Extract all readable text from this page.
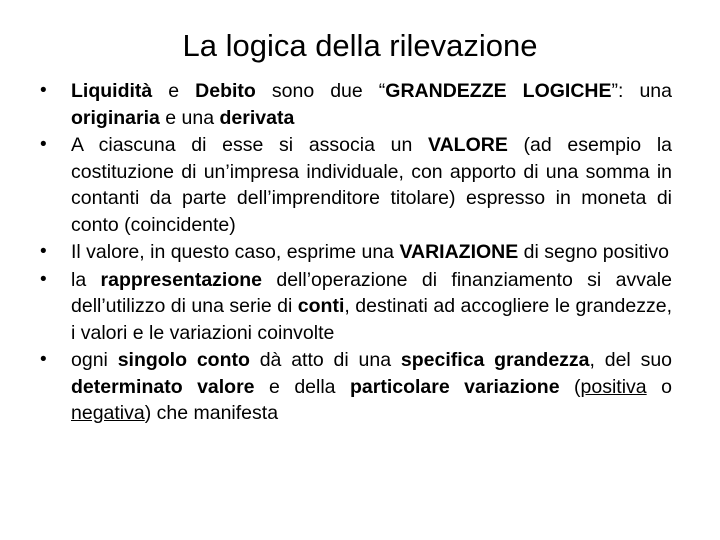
La logica della rilevazione
• Liquidità e Debito sono due “GRANDEZZE LOGICHE”: una originaria e una derivata
• A ciascuna di esse si associa un VALORE (ad esempio la costituzione di un’impresa individuale, con apporto di una somma in contanti da parte dell’imprenditore titolare) espresso in moneta di conto (coincidente)
• Il valore, in questo caso, esprime una VARIAZIONE di segno positivo
• la rappresentazione dell’operazione di finanziamento si avvale dell’utilizzo di una serie di conti, destinati ad accogliere le grandezze, i valori e le variazioni coinvolte
• ogni singolo conto dà atto di una specifica grandezza, del suo determinato valore e della particolare variazione (positiva o negativa) che manifesta
